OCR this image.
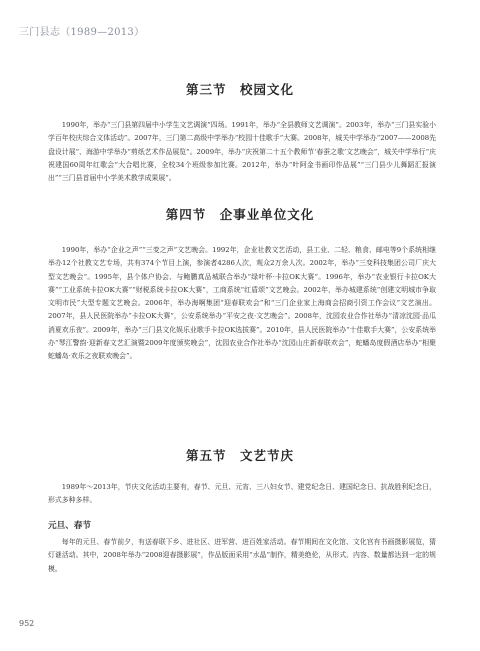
三门县志（1989—2013）
第三节　校园文化

1990年，举办“三门县第四届中小学生文艺调演”四场。1991年，举办“全县教师文艺调演”。2003年，举办“三门县实验小学百年校庆综合文体活动”。2007年，三门第二高级中学举办“校园十佳歌手”大赛。2008年，城关中学举办“2007——2008先盘设计展”、海游中学举办“剪纸艺术作品展览”。2009年，举办“庆祝第二十五个教师节‘春蚕之歌’文艺晚会”，城关中学举行“庆祝建国60周年红歌会”大合唱比赛，全校34个班级参加比赛。2012年，举办“叶阿金书画印作品展”“三门县少儿舞蹈汇报演出”“三门县首届中小学美术教学成果展”。

第四节　企事业单位文化

1990年，举办“企业之声”“三变之声”文艺晚会。1992年，企业社教文艺活动，县工业、二轻、粮食、邮电等9个系统相继举办12个社教文艺专场，共有374个节目上演，参演者4286人次，观众2万余人次。2002年，举办“三变科技集团公司厂庆大型文艺晚会”。1995年，县个体户协会、与鲍鹏真品城联合举办“绿叶杯·卡拉OK大赛”。1996年，举办“农业银行卡拉OK大赛”“工业系统卡拉OK大赛”“财税系统卡拉OK大赛”，工商系统“红盾颂”文艺晚会。2002年，举办城建系统“创建文明城市争取文明市民”大型专题文艺晚会。2006年，举办海啊集团“迎春联欢会”和“三门企业家上海商会招商引资工作会议”文艺演出。2007年，县人民医院举办“卡拉OK大赛”，公安系统举办“平安之夜·文艺晚会”。2008年，沈园农业合作社举办“清凉沈园·品瓜消夏欢乐夜”。2009年，举办“三门县文化娱乐业歌手卡拉OK选拔赛”。2010年，县人民医院举办“十佳歌手大赛”，公安系统举办“琴江警韵·迎新春文艺汇演暨2009年度颁奖晚会”，沈园农业合作社举办“沈园山庄新春联欢会”，蛇蟠岛度假酒店举办“相聚蛇蟠岛·欢乐之夜联欢晚会”。

第五节　文艺节庆

1989年～2013年，节庆文化活动主要有，春节、元旦、元宵、三八妇女节、建党纪念日、建国纪念日、抗战胜利纪念日，形式多种多样。

元旦、春节

每年的元旦、春节前夕，有送春联下乡、进社区、进军营、进百姓家活动。春节期间在文化馆、文化宫有书画摄影展览，猜灯谜活动。其中，2008年举办“2008迎春摄影展”，作品版面采用“水晶”制作，精美绝伦，从形式、内容、数量都达到一定的规模。

952
